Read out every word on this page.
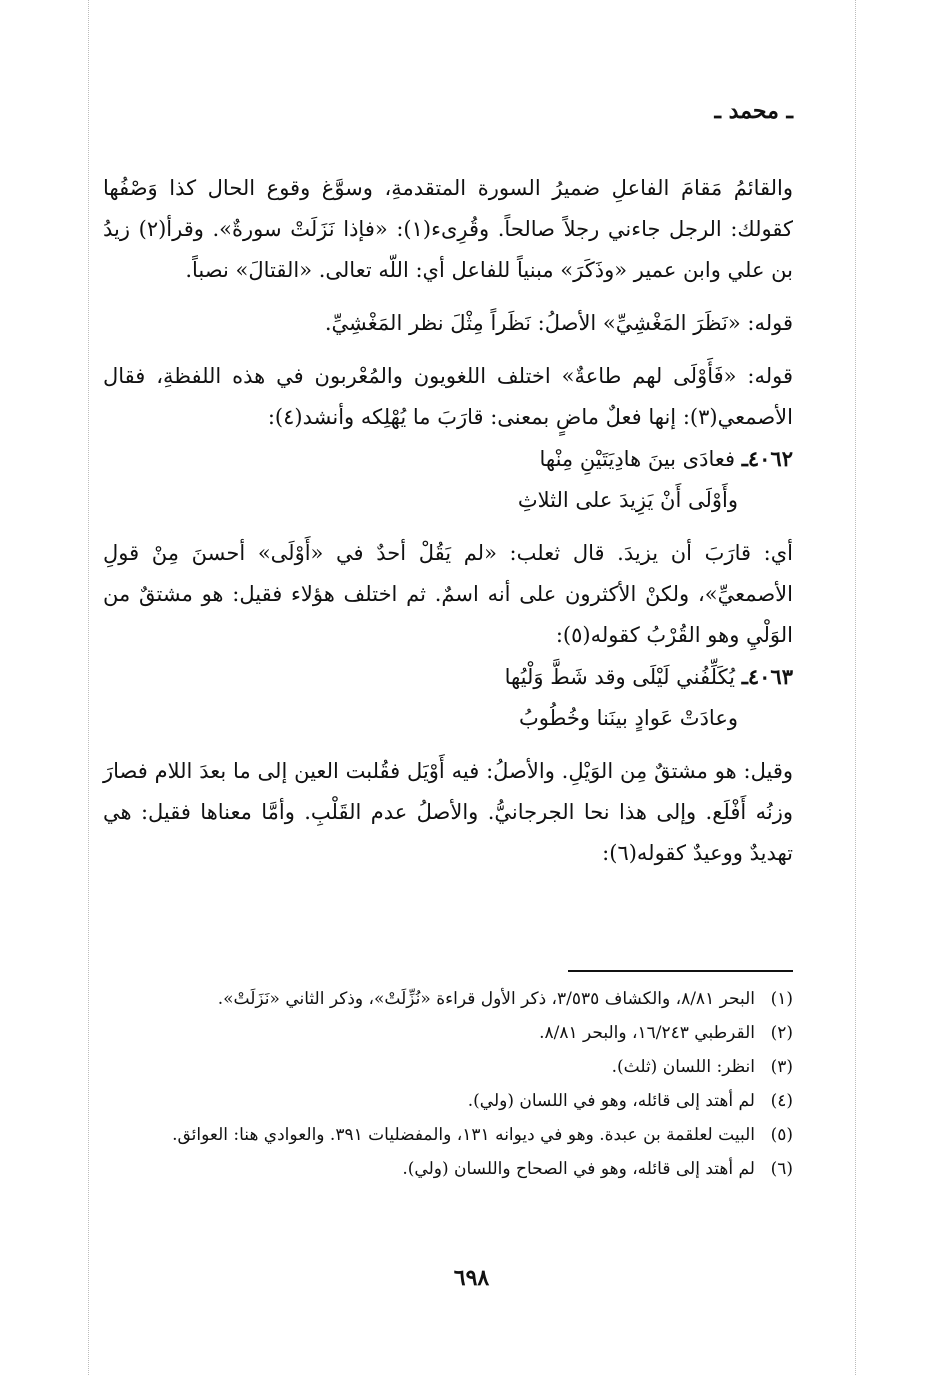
ـ محمد ـ

والقائمُ مَقامَ الفاعلِ ضميرُ السورة المتقدمةِ، وسوَّغ وقوع الحال كذا وَصْفُها كقولك: الرجل جاءني رجلاً صالحاً. وقُرِىء(١): «فإذا نَزَلَتْ سورةٌ». وقرأ(٢) زيدُ بن علي وابن عمير «وذَكَرَ» مبنياً للفاعل أي: اللّه تعالى. «القتالَ» نصباً.

قوله: «نَظَرَ المَغْشِيِّ» الأصلُ: نَظَراً مِثْلَ نظر المَغْشِيِّ.

قوله: «فَأَوْلَى لهم طاعةٌ» اختلف اللغويون والمُعْربون في هذه اللفظةِ، فقال الأصمعي(٣): إنها فعلٌ ماضٍ بمعنى: قارَبَ ما يُهْلِكه وأنشد(٤):

٤٠٦٢ـ فعادَى بينَ هادِيَتَيْنِ مِنْها
وأَوْلَى أَنْ يَزِيدَ على الثلاثِ

أي: قارَبَ أن يزيدَ. قال ثعلب: «لم يَقُلْ أحدٌ في «أَوْلَى» أحسنَ مِنْ قولِ الأصمعيِّ»، ولكنْ الأكثرون على أنه اسمٌ. ثم اختلف هؤلاء فقيل: هو مشتقٌ من الوَلْيِ وهو القُرْبُ كقوله(٥):

٤٠٦٣ـ يُكَلِّفُني لَيْلَى وقد شَطَّ وَلْيُها
وعادَتْ عَوادٍ بينَنا وخُطُوبُ

وقيل: هو مشتقٌ مِن الوَيْلِ. والأصلُ: فيه أَوْيَل فقُلبت العين إلى ما بعدَ اللام فصارَ وزنُه أَفْلَع. وإلى هذا نحا الجرجانيُّ. والأصلُ عدم القَلْبِ. وأمَّا معناها فقيل: هي تهديدٌ ووعيدٌ كقوله(٦):

(١)
البحر ٨/٨١، والكشاف ٣/٥٣٥، ذكر الأول قراءة «نُزِّلَتْ»، وذكر الثاني «نَزَلَتْ».
(٢)
القرطبي ١٦/٢٤٣، والبحر ٨/٨١.
(٣)
انظر: اللسان (ثلث).
(٤)
لم أهتد إلى قائله، وهو في اللسان (ولي).
(٥)
البيت لعلقمة بن عبدة. وهو في ديوانه ١٣١، والمفضليات ٣٩١. والعوادي هنا: العوائق.
(٦)
لم أهتد إلى قائله، وهو في الصحاح واللسان (ولي).
٦٩٨
